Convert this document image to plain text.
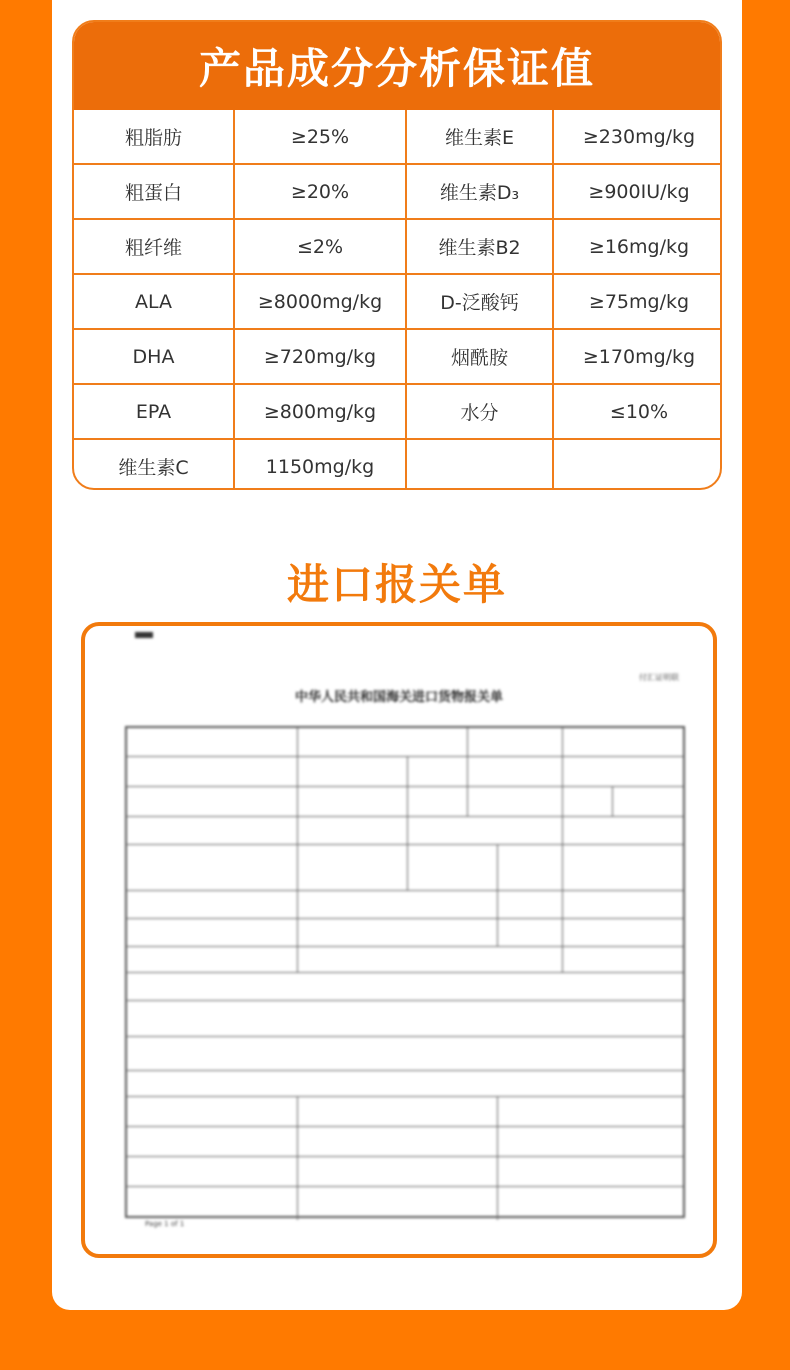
产品成分分析保证值
粗脂肪	≥25%	维生素E	≥230mg/kg
粗蛋白	≥20%	维生素D₃	≥900IU/kg
粗纤维	≤2%	维生素B2	≥16mg/kg
ALA	≥8000mg/kg	D-泛酸钙	≥75mg/kg
DHA	≥720mg/kg	烟酰胺	≥170mg/kg
EPA	≥800mg/kg	水分	≤10%
维生素C	1150mg/kg		
进口报关单
付汇证明联
中华人民共和国海关进口货物报关单
Page 1 of 1
